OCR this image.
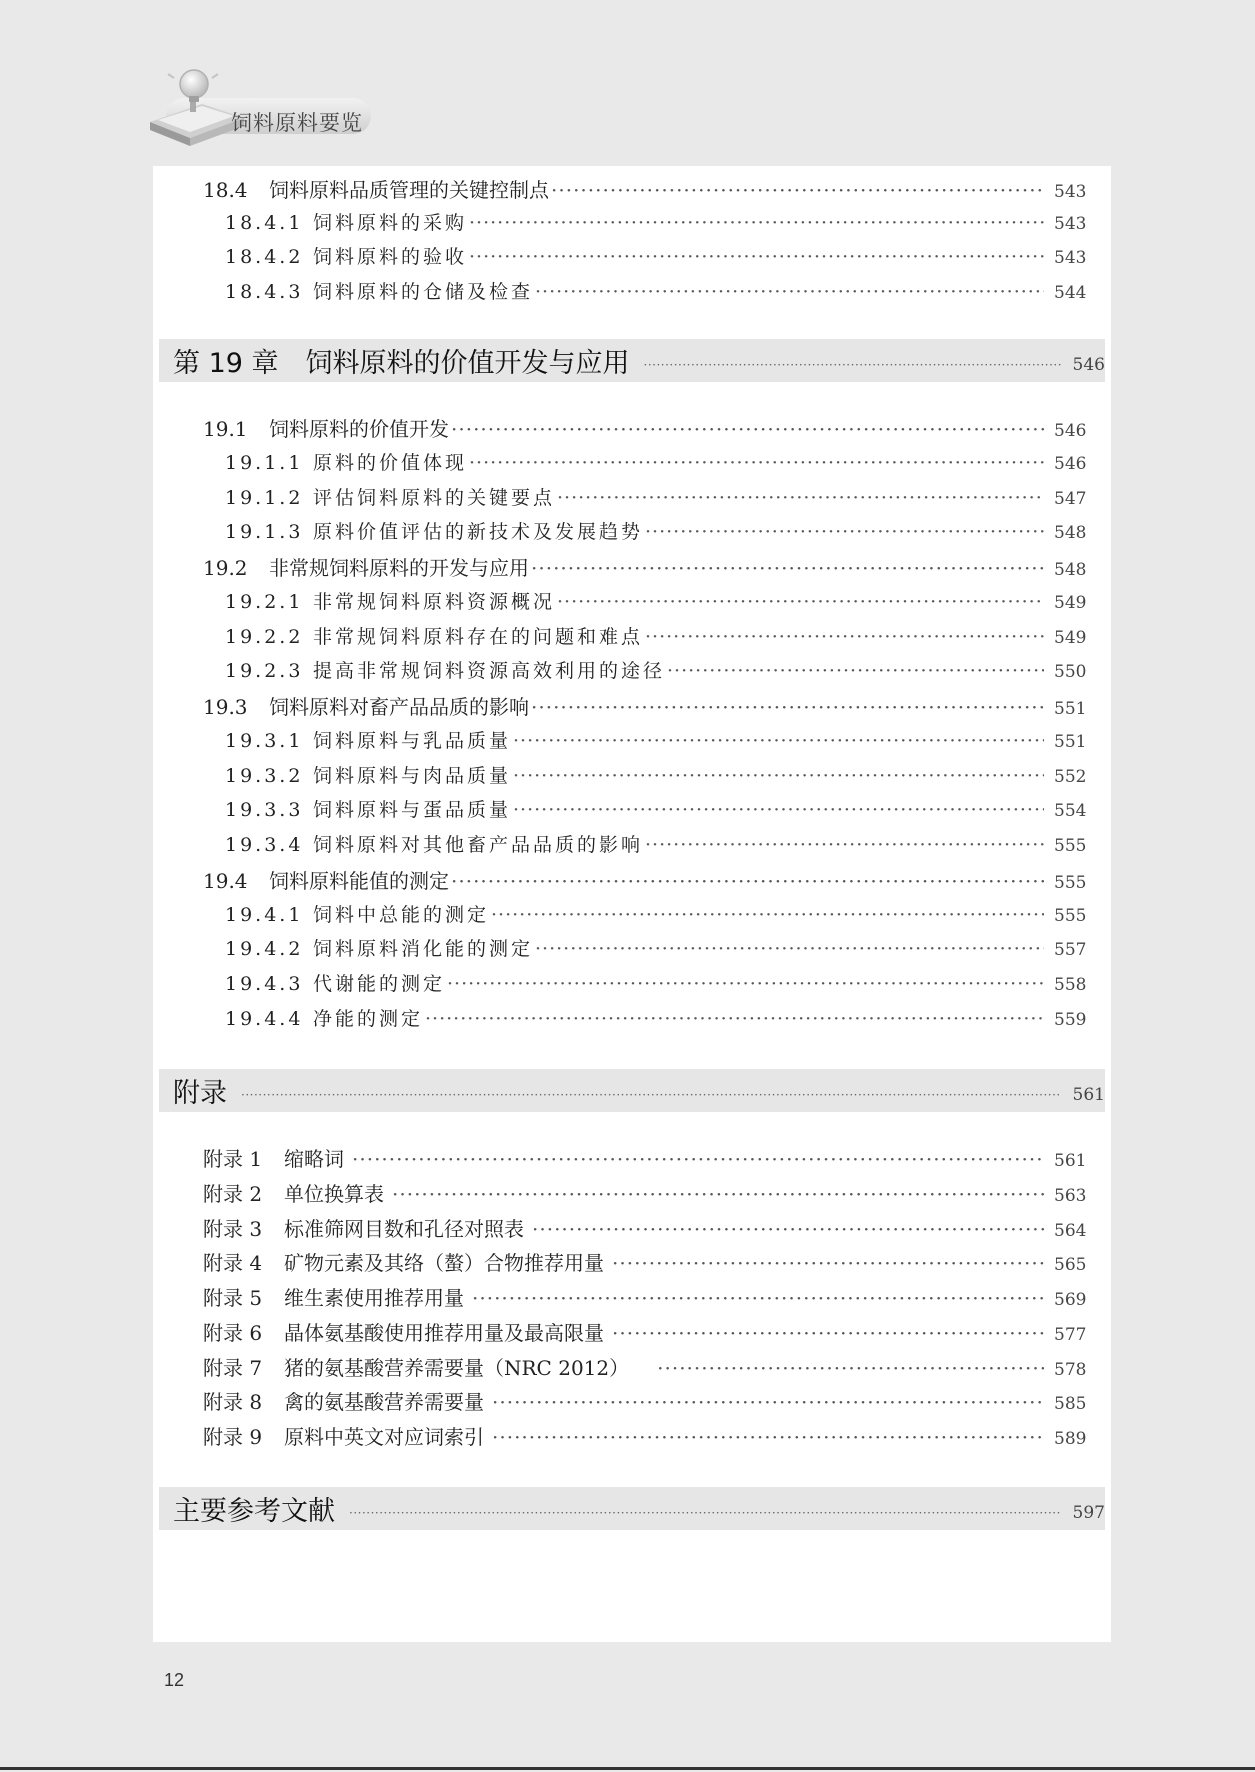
饲料原料要览
18.4 饲料原料品质管理的关键控制点 ·····	543
18.4.1 饲料原料的采购 ·····	543
18.4.2 饲料原料的验收 ·····	543
18.4.3 饲料原料的仓储及检查 ·····	544
第 19 章　饲料原料的价值开发与应用 ·····	546
19.1 饲料原料的价值开发 ·····	546
19.1.1 原料的价值体现 ·····	546
19.1.2 评估饲料原料的关键要点 ·····	547
19.1.3 原料价值评估的新技术及发展趋势 ·····	548
19.2 非常规饲料原料的开发与应用 ·····	548
19.2.1 非常规饲料原料资源概况 ·····	549
19.2.2 非常规饲料原料存在的问题和难点 ·····	549
19.2.3 提高非常规饲料资源高效利用的途径 ·····	550
19.3 饲料原料对畜产品品质的影响 ·····	551
19.3.1 饲料原料与乳品质量 ·····	551
19.3.2 饲料原料与肉品质量 ·····	552
19.3.3 饲料原料与蛋品质量 ·····	554
19.3.4 饲料原料对其他畜产品品质的影响 ·····	555
19.4 饲料原料能值的测定 ·····	555
19.4.1 饲料中总能的测定 ·····	555
19.4.2 饲料原料消化能的测定 ·····	557
19.4.3 代谢能的测定 ·····	558
19.4.4 净能的测定 ·····	559
附录 ·····	561
附录 1 缩略词 ·····	561
附录 2 单位换算表 ·····	563
附录 3 标准筛网目数和孔径对照表 ·····	564
附录 4 矿物元素及其络（螯）合物推荐用量 ·····	565
附录 5 维生素使用推荐用量 ·····	569
附录 6 晶体氨基酸使用推荐用量及最高限量 ·····	577
附录 7 猪的氨基酸营养需要量（NRC 2012） ·····	578
附录 8 禽的氨基酸营养需要量 ·····	585
附录 9 原料中英文对应词索引 ·····	589
主要参考文献 ·····	597
12
